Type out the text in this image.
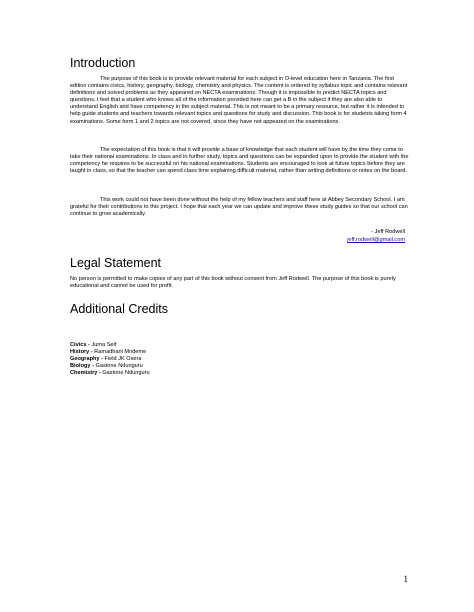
Introduction

The purpose of this book is to provide relevant material for each subject in O-level education here in Tanzania. The first edition contains civics, history, geography, biology, chemistry and physics. The content is ordered by syllabus topic and contains relevant definitions and solved problems as they appeared on NECTA examinations. Though it is impossible to predict NECTA topics and questions, I feel that a student who knows all of the information provided here can get a B in the subject if they are also able to understand English and have competency in the subject material. This is not meant to be a primary resource, but rather it is intended to help guide students and teachers towards relevant topics and questions for study and discussion. This book is for students taking form 4 examinations. Some form 1 and 2 topics are not covered, since they have not appeared on the examinations.

The expectation of this book is that it will provide a base of knowledge that each student will have by the time they come to take their national examinations. In class and in further study, topics and questions can be expanded upon to provide the student with the competency he requires to be successful on his national examinations. Students are encouraged to look at future topics before they are taught in class, so that the teacher can spend class time explaining difficult material, rather than writing definitions or notes on the board.

This work could not have been done without the help of my fellow teachers and staff here at Abbey Secondary School. I am grateful for their contributions to this project. I hope that each year we can update and improve these study guides so that our school can continue to grow academically.

- Jeff Rodwell

jeff.rodwell@gmail.com

Legal Statement

No person is permitted to make copies of any part of this book without consent from Jeff Rodwell. The purpose of this book is purely educational and cannot be used for profit.

Additional Credits
Civics - Juma Seif
History - Ramadhani Mndeme
Geography - Field JK Osera
Biology - Gastone Ndunguru
Chemistry - Gastone Ndunguru
1
